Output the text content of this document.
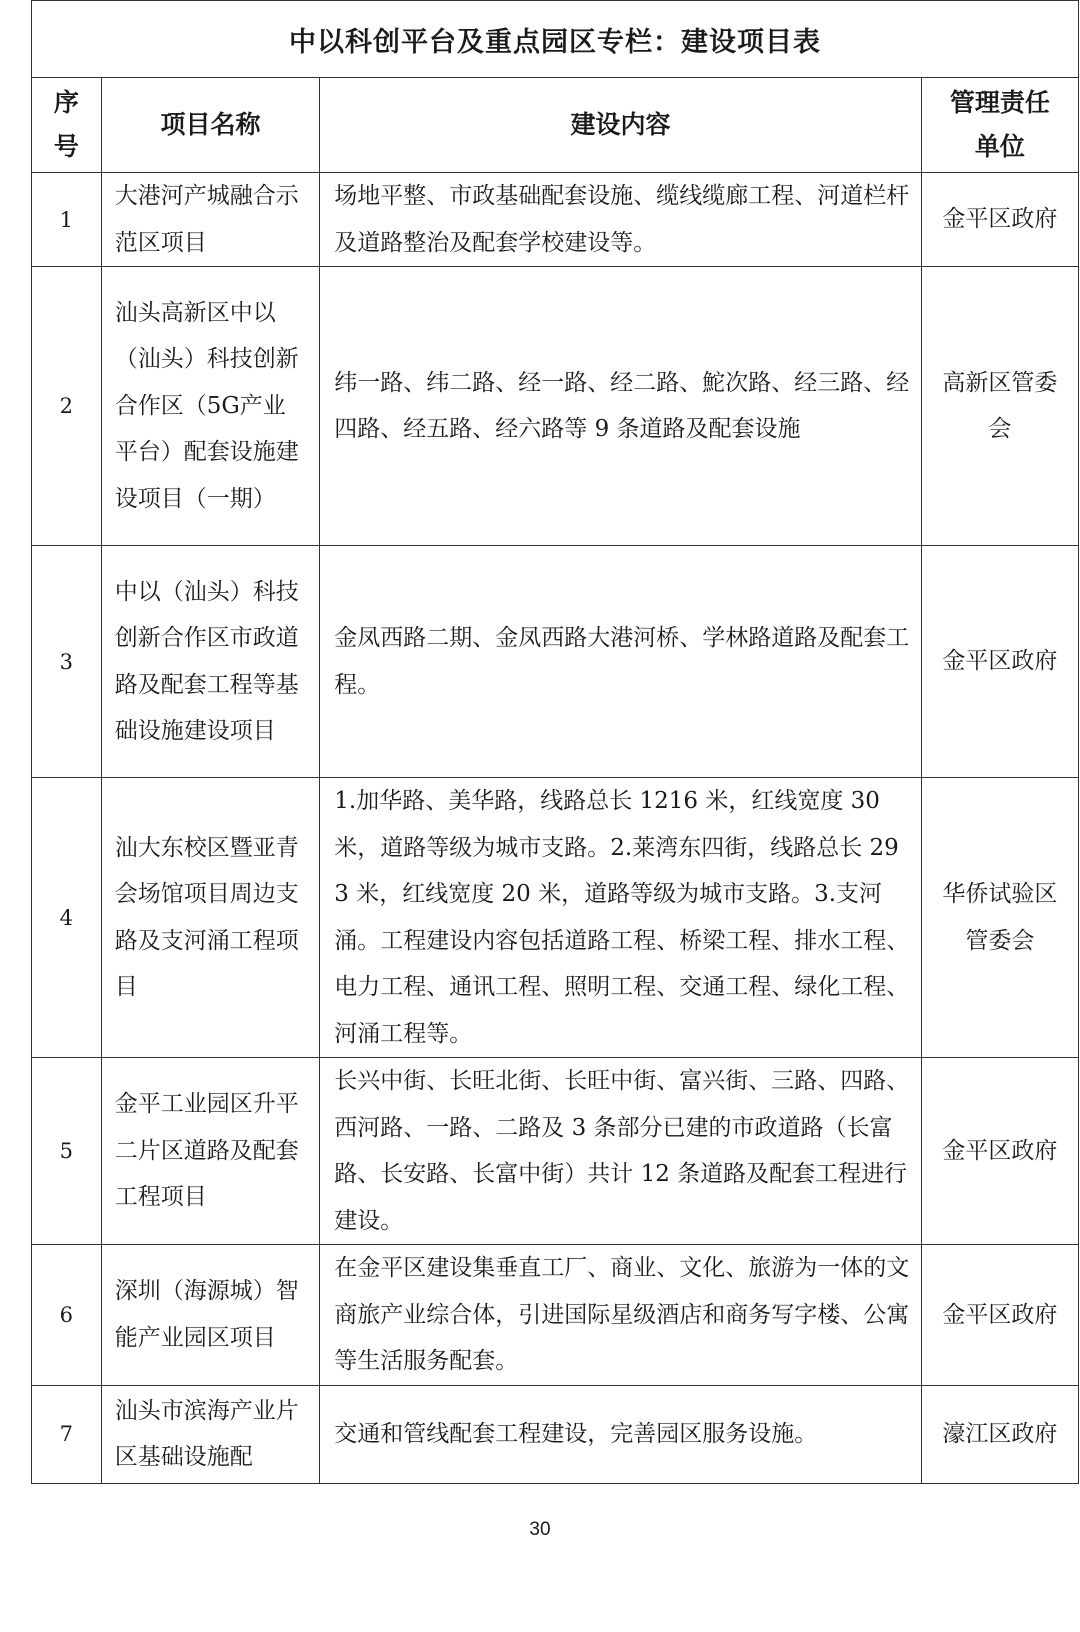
中以科创平台及重点园区专栏：建设项目表			
序号	项目名称	建设内容	管理责任单位
1	大港河产城融合示范区项目	场地平整、市政基础配套设施、缆线缆廊工程、河道栏杆及道路整治及配套学校建设等。	金平区政府
2	汕头高新区中以（汕头）科技创新合作区（5G产业平台）配套设施建设项目（一期）	纬一路、纬二路、经一路、经二路、鮀次路、经三路、经四路、经五路、经六路等 9 条道路及配套设施	高新区管委会
3	中以（汕头）科技创新合作区市政道路及配套工程等基础设施建设项目	金凤西路二期、金凤西路大港河桥、学林路道路及配套工程。	金平区政府
4	汕大东校区暨亚青会场馆项目周边支路及支河涌工程项目	1.加华路、美华路，线路总长 1216 米，红线宽度 30 米，道路等级为城市支路。2.莱湾东四街，线路总长 293 米，红线宽度 20 米，道路等级为城市支路。3.支河涌。工程建设内容包括道路工程、桥梁工程、排水工程、电力工程、通讯工程、照明工程、交通工程、绿化工程、河涌工程等。	华侨试验区管委会
5	金平工业园区升平二片区道路及配套工程项目	长兴中街、长旺北街、长旺中街、富兴街、三路、四路、西河路、一路、二路及 3 条部分已建的市政道路（长富路、长安路、长富中街）共计 12 条道路及配套工程进行建设。	金平区政府
6	深圳（海源城）智能产业园区项目	在金平区建设集垂直工厂、商业、文化、旅游为一体的文商旅产业综合体，引进国际星级酒店和商务写字楼、公寓等生活服务配套。	金平区政府
7	汕头市滨海产业片区基础设施配	交通和管线配套工程建设，完善园区服务设施。	濠江区政府
30
